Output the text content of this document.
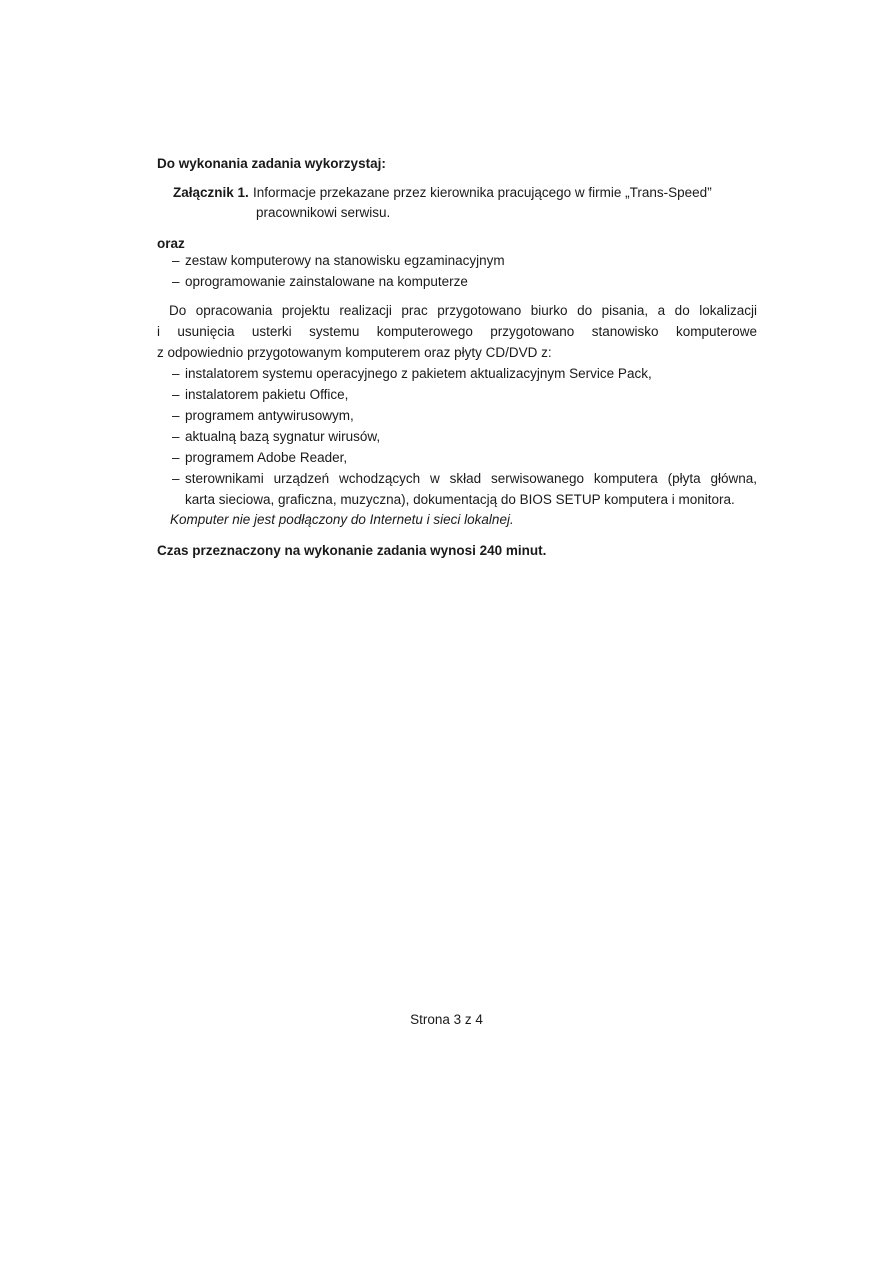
Do wykonania zadania wykorzystaj:
Załącznik 1. Informacje przekazane przez kierownika pracującego w firmie „Trans-Speed”
pracownikowi serwisu.
oraz
– zestaw komputerowy na stanowisku egzaminacyjnym
– oprogramowanie zainstalowane na komputerze
Do opracowania projektu realizacji prac przygotowano biurko do pisania, a do lokalizacji
i usunięcia usterki systemu komputerowego przygotowano stanowisko komputerowe
z odpowiednio przygotowanym komputerem oraz płyty CD/DVD z:
– instalatorem systemu operacyjnego z pakietem aktualizacyjnym Service Pack,
– instalatorem pakietu Office,
– programem antywirusowym,
– aktualną bazą sygnatur wirusów,
– programem Adobe Reader,
– sterownikami urządzeń wchodzących w skład serwisowanego komputera (płyta główna,
karta sieciowa, graficzna, muzyczna), dokumentacją do BIOS SETUP komputera i monitora.
Komputer nie jest podłączony do Internetu i sieci lokalnej.
Czas przeznaczony na wykonanie zadania wynosi 240 minut.
Strona 3 z 4
